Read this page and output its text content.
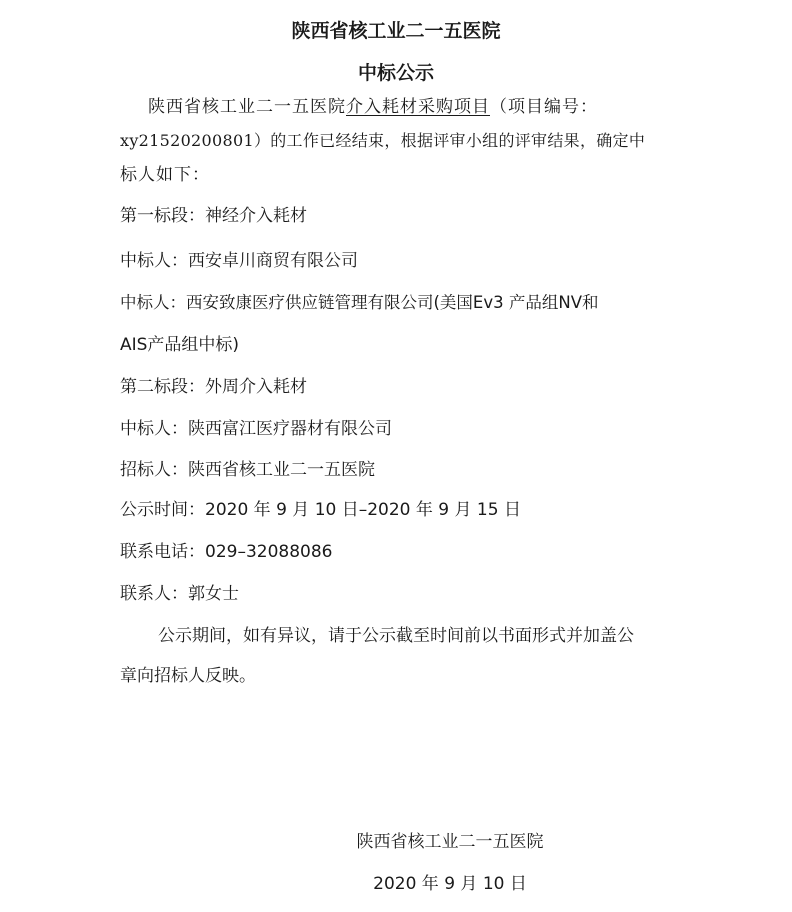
陕西省核工业二一五医院
中标公示
陕西省核工业二一五医院介入耗材采购项目（项目编号：
xy21520200801）的工作已经结束，根据评审小组的评审结果，确定中
标人如下：
第一标段：神经介入耗材
中标人：西安卓川商贸有限公司
中标人：西安致康医疗供应链管理有限公司(美国Ev3 产品组NV和
AIS产品组中标)
第二标段：外周介入耗材
中标人：陕西富江医疗器材有限公司
招标人：陕西省核工业二一五医院
公示时间：2020 年 9 月 10 日–2020 年 9 月 15 日
联系电话：029–32088086
联系人：郭女士
公示期间，如有异议，请于公示截至时间前以书面形式并加盖公
章向招标人反映。
陕西省核工业二一五医院
2020 年 9 月 10 日
